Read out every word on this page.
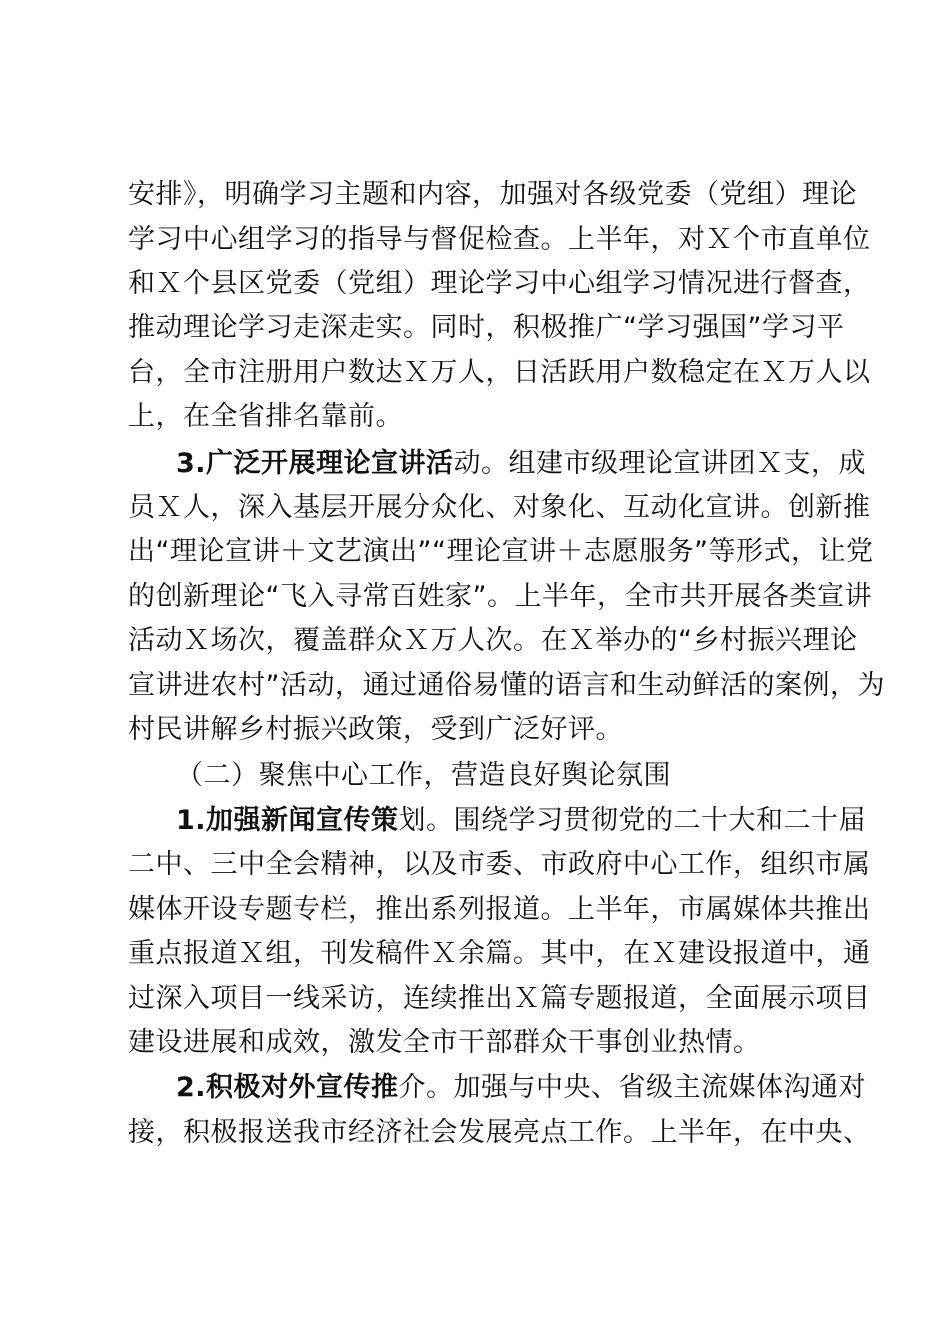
安排》，明确学习主题和内容，加强对各级党委（党组）理论
学习中心组学习的指导与督促检查。上半年，对Ｘ个市直单位
和Ｘ个县区党委（党组）理论学习中心组学习情况进行督查，
推动理论学习走深走实。同时，积极推广“学习强国”学习平
台，全市注册用户数达Ｘ万人，日活跃用户数稳定在Ｘ万人以
上，在全省排名靠前。
3.广泛开展理论宣讲活动。组建市级理论宣讲团Ｘ支，成
员Ｘ人，深入基层开展分众化、对象化、互动化宣讲。创新推
出“理论宣讲＋文艺演出”“理论宣讲＋志愿服务”等形式，让党
的创新理论“飞入寻常百姓家”。上半年，全市共开展各类宣讲
活动Ｘ场次，覆盖群众Ｘ万人次。在Ｘ举办的“乡村振兴理论
宣讲进农村”活动，通过通俗易懂的语言和生动鲜活的案例，为
村民讲解乡村振兴政策，受到广泛好评。
（二）聚焦中心工作，营造良好舆论氛围
1.加强新闻宣传策划。围绕学习贯彻党的二十大和二十届
二中、三中全会精神，以及市委、市政府中心工作，组织市属
媒体开设专题专栏，推出系列报道。上半年，市属媒体共推出
重点报道Ｘ组，刊发稿件Ｘ余篇。其中，在Ｘ建设报道中，通
过深入项目一线采访，连续推出Ｘ篇专题报道，全面展示项目
建设进展和成效，激发全市干部群众干事创业热情。
2.积极对外宣传推介。加强与中央、省级主流媒体沟通对
接，积极报送我市经济社会发展亮点工作。上半年，在中央、
